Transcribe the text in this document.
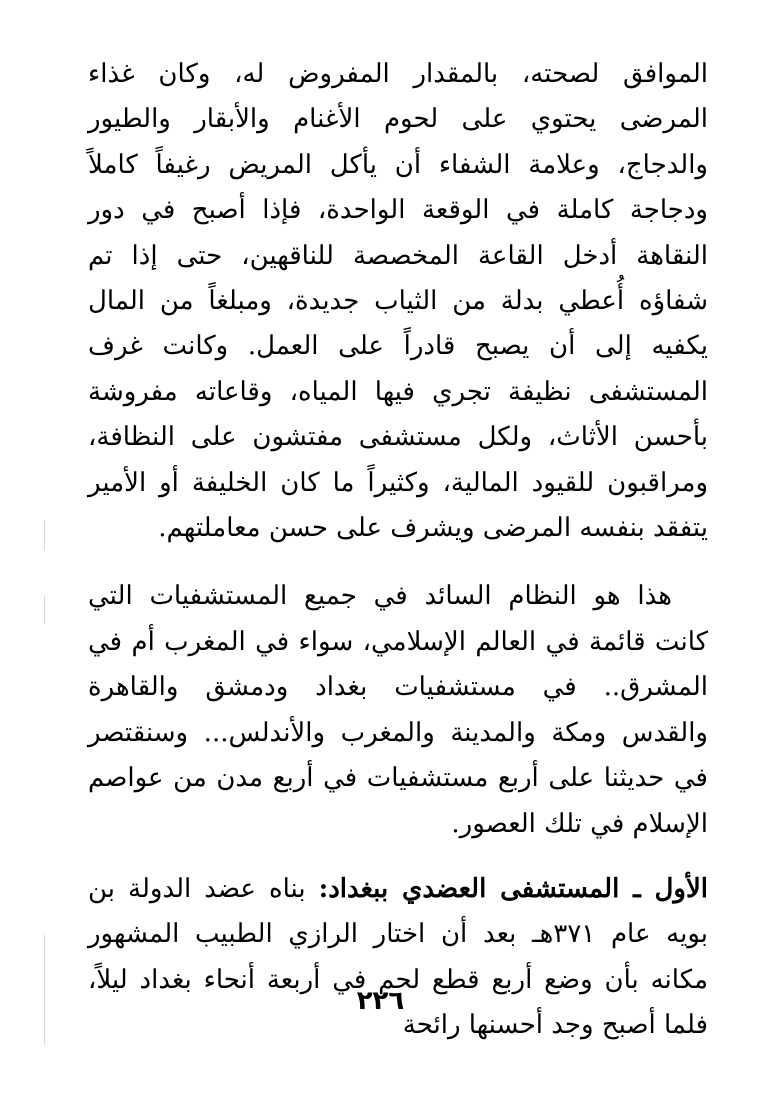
الموافق لصحته، بالمقدار المفروض له، وكان غذاء المرضى يحتوي على لحوم الأغنام والأبقار والطيور والدجاج، وعلامة الشفاء أن يأكل المريض رغيفاً كاملاً ودجاجة كاملة في الوقعة الواحدة، فإذا أصبح في دور النقاهة أدخل القاعة المخصصة للناقهين، حتى إذا تم شفاؤه أُعطي بدلة من الثياب جديدة، ومبلغاً من المال يكفيه إلى أن يصبح قادراً على العمل. وكانت غرف المستشفى نظيفة تجري فيها المياه، وقاعاته مفروشة بأحسن الأثاث، ولكل مستشفى مفتشون على النظافة، ومراقبون للقيود المالية، وكثيراً ما كان الخليفة أو الأمير يتفقد بنفسه المرضى ويشرف على حسن معاملتهم.

هذا هو النظام السائد في جميع المستشفيات التي كانت قائمة في العالم الإسلامي، سواء في المغرب أم في المشرق.. في مستشفيات بغداد ودمشق والقاهرة والقدس ومكة والمدينة والمغرب والأندلس... وسنقتصر في حديثنا على أربع مستشفيات في أربع مدن من عواصم الإسلام في تلك العصور.

الأول ـ المستشفى العضدي ببغداد: بناه عضد الدولة بن بويه عام ٣٧١هـ بعد أن اختار الرازي الطبيب المشهور مكانه بأن وضع أربع قطع لحم في أربعة أنحاء بغداد ليلاً، فلما أصبح وجد أحسنها رائحة

٢٢٦
